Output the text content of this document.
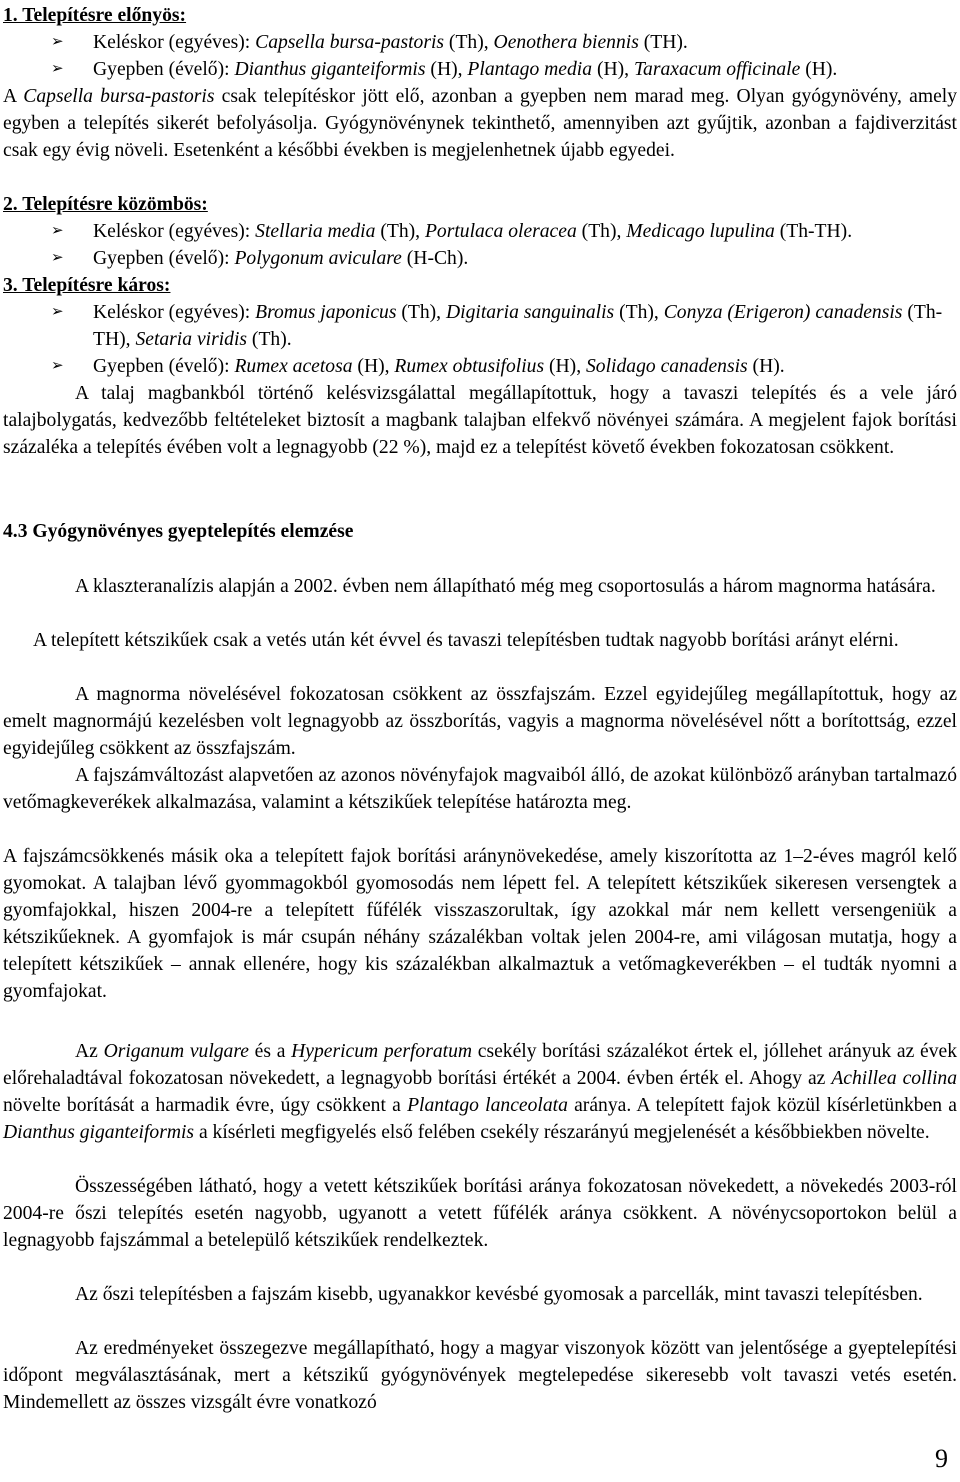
1. Telepítésre előnyös:

➢ Keléskor (egyéves): Capsella bursa-pastoris (Th), Oenothera biennis (TH).

➢ Gyepben (évelő): Dianthus giganteiformis (H), Plantago media (H), Taraxacum officinale (H).

A Capsella bursa-pastoris csak telepítéskor jött elő, azonban a gyepben nem marad meg. Olyan gyógynövény, amely egyben a telepítés sikerét befolyásolja. Gyógynövénynek tekinthető, amennyiben azt gyűjtik, azonban a fajdiverzitást csak egy évig növeli. Esetenként a későbbi években is megjelenhetnek újabb egyedei.

2. Telepítésre közömbös:

➢ Keléskor (egyéves): Stellaria media (Th), Portulaca oleracea (Th), Medicago lupulina (Th-TH).

➢ Gyepben (évelő): Polygonum aviculare (H-Ch).

3. Telepítésre káros:

➢ Keléskor (egyéves): Bromus japonicus (Th), Digitaria sanguinalis (Th), Conyza (Erigeron) canadensis (Th-TH), Setaria viridis (Th).

➢ Gyepben (évelő): Rumex acetosa (H), Rumex obtusifolius (H), Solidago canadensis (H).

A talaj magbankból történő kelésvizsgálattal megállapítottuk, hogy a tavaszi telepítés és a vele járó talajbolygatás, kedvezőbb feltételeket biztosít a magbank talajban elfekvő növényei számára. A megjelent fajok borítási százaléka a telepítés évében volt a legnagyobb (22 %), majd ez a telepítést követő években fokozatosan csökkent.

4.3 Gyógynövényes gyeptelepítés elemzése

A klaszteranalízis alapján a 2002. évben nem állapítható még meg csoportosulás a három magnorma hatására.

A telepített kétszikűek csak a vetés után két évvel és tavaszi telepítésben tudtak nagyobb borítási arányt elérni.

A magnorma növelésével fokozatosan csökkent az összfajszám. Ezzel egyidejűleg megállapítottuk, hogy az emelt magnormájú kezelésben volt legnagyobb az összborítás, vagyis a magnorma növelésével nőtt a borítottság, ezzel egyidejűleg csökkent az összfajszám.

A fajszámváltozást alapvetően az azonos növényfajok magvaiból álló, de azokat különböző arányban tartalmazó vetőmagkeverékek alkalmazása, valamint a kétszikűek telepítése határozta meg.

A fajszámcsökkenés másik oka a telepített fajok borítási aránynövekedése, amely kiszorította az 1–2-éves magról kelő gyomokat. A talajban lévő gyommagokból gyomosodás nem lépett fel. A telepített kétszikűek sikeresen versengtek a gyomfajokkal, hiszen 2004-re a telepített fűfélék visszaszorultak, így azokkal már nem kellett versengeniük a kétszikűeknek. A gyomfajok is már csupán néhány százalékban voltak jelen 2004-re, ami világosan mutatja, hogy a telepített kétszikűek – annak ellenére, hogy kis százalékban alkalmaztuk a vetőmagkeverékben – el tudták nyomni a gyomfajokat.

Az Origanum vulgare és a Hypericum perforatum csekély borítási százalékot értek el, jóllehet arányuk az évek előrehaladtával fokozatosan növekedett, a legnagyobb borítási értékét a 2004. évben érték el. Ahogy az Achillea collina növelte borítását a harmadik évre, úgy csökkent a Plantago lanceolata aránya. A telepített fajok közül kísérletünkben a Dianthus giganteiformis a kísérleti megfigyelés első felében csekély részarányú megjelenését a későbbiekben növelte.

Összességében látható, hogy a vetett kétszikűek borítási aránya fokozatosan növekedett, a növekedés 2003-ról 2004-re őszi telepítés esetén nagyobb, ugyanott a vetett fűfélék aránya csökkent. A növénycsoportokon belül a legnagyobb fajszámmal a betelepülő kétszikűek rendelkeztek.

Az őszi telepítésben a fajszám kisebb, ugyanakkor kevésbé gyomosak a parcellák, mint tavaszi telepítésben.

Az eredményeket összegezve megállapítható, hogy a magyar viszonyok között van jelentősége a gyeptelepítési időpont megválasztásának, mert a kétszikű gyógynövények megtelepedése sikeresebb volt tavaszi vetés esetén. Mindemellett az összes vizsgált évre vonatkozó

9
